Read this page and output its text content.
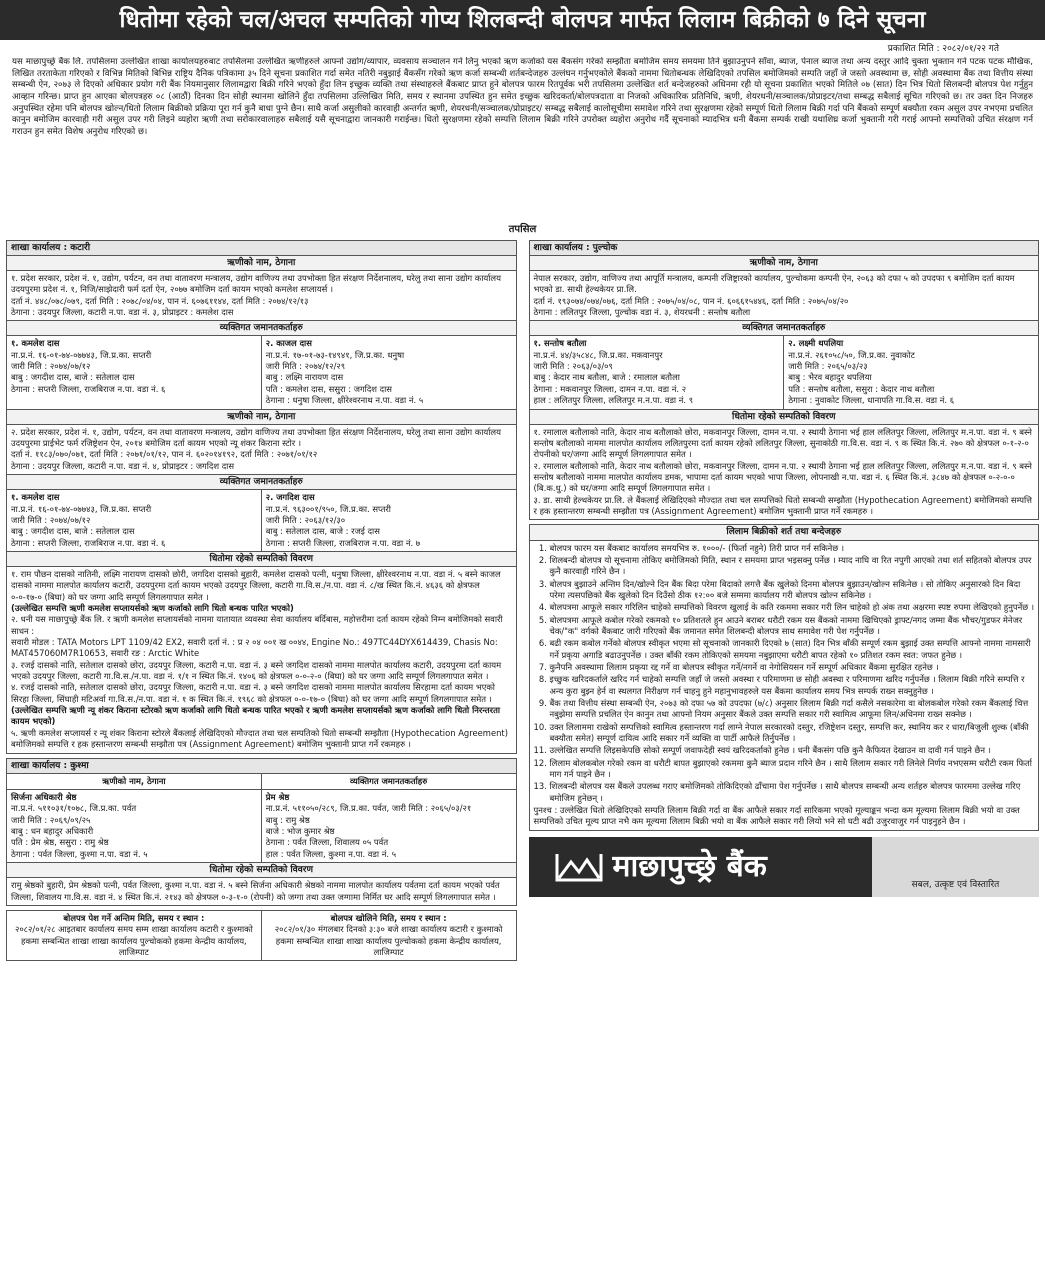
धितोमा रहेको चल/अचल सम्पतिको गोप्य शिलबन्दी बोलपत्र मार्फत लिलाम बिक्रीको ७ दिने सूचना
प्रकाशित मिति : २०८२/०१/२२ गते
यस माछापुच्छ्रे बैंक लि. तपसिलमा उल्लेखित शाखा कार्यालयहरुबाट तपसिलमा उल्लेखित ऋणीहरुले आफ्नो उद्योग/व्यापार, व्यवसाय सञ्चालन गर्न लिनु भएको ऋण कर्जाको यस बैंकसंग गरेको सम्झौता बमोजिम समय समयमा तिर्न बुझाउनुपर्ने साँवा, ब्याज, पेनाल ब्याज तथा अन्य दस्तुर आदि चुक्ता भुक्तान गर्न पटक पटक मौखिक, लिखित तरताकेता गरिएको र विभिन्न मितिको बिभिन्न राष्ट्रिय दैनिक पत्रिकामा ३५ दिने सूचना प्रकाशित गर्दा समेत नतिरी नबुझाई बैंकसँग गरेको ऋण कर्जा सम्बन्धी शर्तबन्देजहरु उल्लंघन गर्नुभएकोले बैंकको नाममा धितोबन्धक लेखिदिएको तपसिल बमोजिमको सम्पति जहाँ जे जस्तो अवस्थामा छ, सोही अवस्थामा बैंक तथा वित्तीय संस्था सम्बन्धी ऐन, २०७३ ले दिएको अधिकार प्रयोग गरी बैंक नियमानुसार लिलामद्वारा बिक्री गरिने भएको हुँदा लिन इच्छुक व्यक्ति तथा संस्थाहरुले बैंकबाट प्राप्त हुने बोलपत्र फारम रितपूर्वक भरी तपसिलमा उल्लेखित शर्त बन्देजहरुको अधिनमा रही यो सूचना प्रकाशित भएको मितिले ०७ (सात) दिन भित्र धितो सिलबन्दी बोलपत्र पेश गर्नुहुन आव्हान गरिन्छ। प्राप्त हुन आएका बोलपत्रहरु ०८ (आठौं) दिनका दिन सोही स्थानमा खोलिने हुँदा तपसिलमा उल्लिखित मिति, समय र स्थानमा उपस्थित हुन समेत इच्छुक खरिदकर्ता/बोलपत्रदाता वा निजको अधिकारिक प्रतिनिधि, ऋणी, शेयरधनी/सञ्चालक/प्रोप्राइटर/तथा सम्बद्ध सबैलाई सूचित गरिएको छ। तर उक्त दिन निजहरु अनुपस्थित रहेमा पनि बोलपत्र खोल्न/धितो लिलाम बिक्रीको प्रक्रिया पूरा गर्न कुनै बाधा पुग्ने छैन। साथै कर्जा असुलीको कारवाही अन्तर्गत ऋणी, शेयरधनी/सञ्चालक/प्रोप्राइटर/ सम्बद्ध सबैलाई कालोसूचीमा समावेश गरिने तथा सुरक्षणमा रहेको सम्पूर्ण धितो लिलाम बिक्री गर्दा पनि बैंकको सम्पूर्ण बक्यौता रकम असुल उपर नभएमा प्रचलित कानुन बमोजिम कारवाही गरी असुल उपर गरी लिइने व्यहोरा ऋणी तथा सरोकारवालाहरु सबैलाई यसै सूचनाद्वारा जानकारी गराईन्छ। धितो सुरक्षणमा रहेको सम्पत्ति लिलाम बिक्री गरिने उपरोक्त व्यहोरा अनुरोध गर्दै सूचनाको म्यादभित्र धनी बैंकमा सम्पर्क राखी यथाशिघ्र कर्जा भुक्तानी गरी गराई आफ्नो सम्पत्तिको उचित संरक्षण गर्न गराउन हुन समेत विशेष अनुरोध गरिएको छ।
तपसिल
शाखा कार्यालय : कटारी
ऋणीको नाम, ठेगाना

१. प्रदेश सरकार, प्रदेश नं. १, उद्योग, पर्यटन, वन तथा वातावरण मन्त्रालय, उद्योग वाणिज्य तथा उपभोक्ता हित संरक्षण निर्देशनालय, घरेलु तथा साना उद्योग कार्यालय उदयपुरमा प्रदेश नं. १, निजि/साझेदारी फर्म दर्ता ऐन, २०७७ बमोजिम दर्ता कायम भएको कमलेश सप्लायर्स ।

दर्ता नं. ४४८/०७८/०७९, दर्ता मिति : २०७८/०४/०४, पान नं. ६०७६११४४, दर्ता मिति : २०७४/१२/१३

ठेगाना : उदयपुर जिल्ला, कटारी न.पा. वडा नं. ३, प्रोप्राइटर : कमलेश दास

व्यक्तिगत जमानतकर्ताहरु
१. कमलेश दास
ना.प्र.नं. १६-०१-७४-०७७४३, जि.प्र.का. सप्तरी
जारी मिति : २०७४/०७/१२
बाबु : जगदीश दास, बाजे : सतेलाल दास
ठेगाना : सप्तरी जिल्ला, राजबिराज न.पा. वडा नं. ६
२. काजल दास
ना.प्र.नं. १७-०१-७३-१४९४१, जि.प्र.का. धनुषा
जारी मिति : २०७४/१२/२९
बाबु : लक्ष्मि नारायण दास
पति : कमलेश दास, ससुरा : जगदिश दास
ठेगाना : धनुषा जिल्ला, क्षीरेश्वरनाथ न.पा. वडा नं. ५
ऋणीको नाम, ठेगाना

२. प्रदेश सरकार, प्रदेश नं. १, उद्योग, पर्यटन, वन तथा वातावरण मन्त्रालय, उद्योग वाणिज्य तथा उपभोक्ता हित संरक्षण निर्देशनालय, घरेलु तथा साना उद्योग कार्यालय उदयपुरमा प्राईभेट फर्म रजिष्ट्रेशन ऐन, २०१४ बमोजिम दर्ता कायम भएको न्यू शंकर किराना स्टोर ।

दर्ता नं. ११८३/०७०/०७१, दर्ता मिति : २०७१/०१/१२, पान नं. ६०२०१४१९२, दर्ता मिति : २०७१/०१/१२

ठेगाना : उदयपुर जिल्ला, कटारी न.पा. वडा नं. ४, प्रोप्राइटर : जगदिश दास

व्यक्तिगत जमानतकर्ताहरु
१. कमलेश दास
ना.प्र.नं. १६-०१-७४-०७७४३, जि.प्र.का. सप्तरी
जारी मिति : २०७४/०७/१२
बाबु : जगदीश दास, बाजे : सतेलाल दास
ठेगाना : सप्तरी जिल्ला, राजबिराज न.पा. वडा नं. ६
२. जगदिश दास
ना.प्र.नं. ९६३००१/९५०, जि.प्र.का. सप्तरी
जारी मिति : २०६३/१२/३०
बाबु : सतेलाल दास, बाजे : रजई दास
ठेगाना : सप्तरी जिल्ला, राजबिराज न.पा. वडा नं. ७
धितोमा रहेको सम्पतिको विवरण

१. राम पौछन दासको नातिनी, लक्ष्मि नारायण दासको छोरी, जगदिश दासको बुहारी, कमलेश दासको पत्नी, धनुषा जिल्ला, क्षीरेश्वरनाथ न.पा. वडा नं. ५ बस्ने काजल दासको नाममा मालपोत कार्यालय कटारी, उदयपुरमा दर्ता कायम भएको उदयपुर जिल्ला, कटारी गा.वि.स./न.पा. वडा नं. ८/ख स्थित कि.नं. ४६३६ को क्षेत्रफल ०-०-१७-० (बिघा) को घर जग्गा आदि सम्पूर्ण लिगलगापात समेत ।

(उल्लेखित सम्पत्ति ऋणी कमलेश सप्लायर्सको ऋण कर्जाको लागि धितो बन्धक पारित भएको)

२. धनी यस माछापुच्छ्रे बैंक लि. र ऋणी कमलेश सप्लायर्सको नाममा यातायात व्यवस्था सेवा कार्यालय बर्दिबास, महोत्तरीमा दर्ता कायम रहेको निम्न बमोजिमको सवारी साधन :

सवारी मोडल : TATA Motors LPT 1109/42 EX2, सवारी दर्ता नं. : प्र २ ०४ ००१ ख ००४४, Engine No.: 497TC44DYX614439, Chasis No: MAT457060M7R10653, सवारी रङ : Arctic White

३. रजई दासको नाति, सतेलाल दासको छोरा, उदयपुर जिल्ला, कटारी न.पा. वडा नं. ३ बस्ने जगदिश दासको नाममा मालपोत कार्यालय कटारी, उदयपुरमा दर्ता कायम भएको उदयपुर जिल्ला, कटारी गा.वि.स./न.पा. वडा नं. १/१ न स्थित कि.नं. १४०६ को क्षेत्रफल ०-०-२-० (बिघा) को घर जग्गा आदि सम्पूर्ण लिगलगापात समेत ।

४. रजई दासको नाति, सतेलाल दासको छोरा, उदयपुर जिल्ला, कटारी न.पा. वडा नं. ३ बस्ने जगदिश दासको नाममा मालपोत कार्यालय सिरहामा दर्ता कायम भएको सिरहा जिल्ला, सिंघाही मटिअर्वा गा.वि.स./न.पा. वडा नं. १ क स्थित कि.नं. १९६८ को क्षेत्रफल ०-०-१७-० (बिघा) को घर जग्गा आदि सम्पूर्ण लिगलगापात समेत ।

(उल्लेखित सम्पत्ति ऋणी न्यू शंकर किराना स्टोरको ऋण कर्जाको लागि धितो बन्धक पारित भएको र ऋणी कमलेश सप्लायर्सको ऋण कर्जाको लागि धितो निरन्तरता कायम भएको)

५. ऋणी कमलेश सप्लायर्स र न्यू शंकर किराना स्टोरले बैंकलाई लेखिदिएको मौज्दात तथा चल सम्पतिको धितो सम्बन्धी सम्झौता (Hypothecation Agreement) बमोजिमको सम्पत्ति र हक हस्तान्तरण सम्बन्धी सम्झौता पत्र (Assignment Agreement) बमोजिम भुक्तानी प्राप्त गर्ने रकमहरु ।

शाखा कार्यालय : कुश्मा
ऋणीको नाम, ठेगाना	व्यक्तिगत जमानतकर्ताहरु
सिर्जना अधिकारी श्रेष्ठ
ना.प्र.नं. ५११०३१/१०७८, जि.प्र.का. पर्वत
जारी मिति : २०६९/०९/२५
बाबु : धन बहादुर अधिकारी
पति : प्रेम श्रेष्ठ, ससुरा : रामु श्रेष्ठ
ठेगाना : पर्वत जिल्ला, कुश्मा न.पा. वडा नं. ५
प्रेम श्रेष्ठ
ना.प्र.नं. ५११०५०/२८९, जि.प्र.का. पर्वत, जारी मिति : २०६५/०३/२१
बाबु : रामु श्रेष्ठ
बाजे : भोज कुमार श्रेष्ठ
ठेगाना : पर्वत जिल्ला, शिवालय ०५ पर्वत
हाल : पर्वत जिल्ला, कुश्मा न.पा. वडा नं. ५
धितोमा रहेको सम्पतिको विवरण
रामु श्रेष्ठको बुहारी, प्रेम श्रेष्ठको पत्नी, पर्वत जिल्ला, कुश्मा न.पा. वडा नं. ५ बस्ने सिर्जना अधिकारी श्रेष्ठको नाममा मालपोत कार्यालय पर्वतमा दर्ता कायम भएको पर्वत जिल्ला, शिवालय गा.वि.स. वडा नं. ४ स्थित कि.नं. २१४३ को क्षेत्रफल ०-३-१-० (रोपनी) को जग्गा तथा उक्त जग्गामा निर्मित घर आदि सम्पूर्ण लिगलगापात समेत ।
बोलपत्र पेश गर्ने अन्तिम मिति, समय र स्थान :
२०८२/०१/२८ आइतबार कार्यालय समय सम्म शाखा कार्यालय कटारी र कुश्माको हकमा सम्बन्धित शाखा शाखा कार्यालय पुल्चोकको हकमा केन्द्रीय कार्यालय, लाजिम्पाट
बोलपत्र खोलिने मिति, समय र स्थान :
२०८२/०१/३० मंगलबार दिनको ३:३० बजे शाखा कार्यालय कटारी र कुश्माको हकमा सम्बन्धित शाखा शाखा कार्यालय पुल्चोकको हकमा केन्द्रीय कार्यालय, लाजिम्पाट
शाखा कार्यालय : पुल्चोक
ऋणीको नाम, ठेगाना

नेपाल सरकार, उद्योग, वाणिज्य तथा आपूर्ति मन्त्रालय, कम्पनी रजिष्ट्रारको कार्यालय, पुल्चोकमा कम्पनी ऐन, २०६३ को दफा ५ को उपदफा ९ बमोजिम दर्ता कायम भएको डा. साथी हेल्थकेयर प्रा.लि.

दर्ता नं. १९३०७४/०७४/०७६, दर्ता मिति : २०७५/०४/०८, पान नं. ६०६६१५४४६, दर्ता मिति : २०७५/०४/२०

ठेगाना : ललितपुर जिल्ला, पुल्चोक वडा नं. ३, शेयरधनी : सन्तोष बतौला

व्यक्तिगत जमानतकर्ताहरु
१. सन्तोष बतौला
ना.प्र.नं. ४४/३५८४८, जि.प्र.का. मकवानपुर
जारी मिति : २०६३/०३/०९
बाबु : केदार नाथ बतौला, बाजे : रमालाल बतौला
ठेगाना : मकवानपुर जिल्ला, दामन न.पा. वडा नं. २
हाल : ललितपुर जिल्ला, ललितपुर म.न.पा. वडा नं. ९
२. लक्ष्मी थपलिया
ना.प्र.नं. २६१०५८/५०, जि.प्र.का. नुवाकोट
जारी मिति : २०६५/०३/२३
बाबु : भैरव बहादुर थपलिया
पति : सन्तोष बतौला, ससुरा : केदार नाथ बतौला
ठेगाना : नुवाकोट जिल्ला, धानापति गा.वि.स. वडा नं. ६
धितोमा रहेको सम्पतिको विवरण

१. रमालाल बतौलाको नाति, केदार नाथ बतौलाको छोरा, मकवानपुर जिल्ला, दामन न.पा. २ स्थायी ठेगाना भई हाल ललितपुर जिल्ला, ललितपुर म.न.पा. वडा नं. ९ बस्ने सन्तोष बतौलाको नाममा मालपोत कार्यालय ललितपुरमा दर्ता कायम रहेको ललितपुर जिल्ला, सुनाकोठी गा.वि.स. वडा नं. ९ क स्थित कि.नं. २७० को क्षेत्रफल ०-१-२-० रोपनीको घर/जग्गा आदि सम्पूर्ण लिगलगापात समेत ।

२. रमालाल बतौलाको नाति, केदार नाथ बतौलाको छोरा, मकवानपुर जिल्ला, दामन न.पा. २ स्थायी ठेगाना भई हाल ललितपुर जिल्ला, ललितपुर म.न.पा. वडा नं. ९ बस्ने सन्तोष बतौलाको नाममा मालपोत कार्यालय डमक, भापामा दर्ता कायम भएको भापा जिल्ला, लोपनाखी न.पा. वडा नं. ६ स्थित कि.नं. ३८४७ को क्षेत्रफल ०-२-०-० (बि.क.धु.) को घर/जग्गा आदि सम्पूर्ण लिगलगापात समेत ।

३. डा. साथी हेल्थकेयर प्रा.लि. ले बैंकलाई लेखिदिएको मौज्दात तथा चल सम्पत्तिको धितो सम्बन्धी सम्झौता (Hypothecation Agreement) बमोजिमको सम्पत्ति र हक हस्तान्तरण सम्बन्धी सम्झौता पत्र (Assignment Agreement) बमोजिम भुक्तानी प्राप्त गर्ने रकमहरु ।

लिलाम बिक्रीको शर्त तथा बन्देजहरु
1. बोलपत्र फारम यस बैंकबाट कार्यालय समयभित्र रु. १०००/- (फिर्ता नहुने) तिरी प्राप्त गर्न सकिनेछ ।
2. शिलबन्दी बोलपत्र यो सूचनामा तोकिए बमोजिमको मिति, स्थान र समयमा प्राप्त भइसक्नु पर्नेछ । म्याद नाघि वा रित नपुगी आएको तथा शर्त सहितको बोलपत्र उपर कुनै कारवाही गरिने छैन ।
3. बोलपत्र बुझाउने अन्तिम दिन/खोल्ने दिन बैंक बिदा परेमा बिदाको लगत्तै बैंक खुलेको दिनमा बोलपत्र बुझाउन/खोल्न सकिनेछ । सो तोकिए अनुसारको दिन बिदा परेमा त्यसपछिको बैंक खुलेको दिन दिउँसो ठीक १२:०० बजे सम्ममा कार्यालय गरी बोलपत्र खोल्न सकिनेछ ।
4. बोलपत्रमा आफूले सकार गरिलिन चाहेको सम्पत्तिको विवरण खुलाई के कति रकममा सकार गरी लिन चाहेको हो अंक तथा अक्षरमा स्पष्ट रुपमा लेखिएको हुनुपर्नेछ ।
5. बोलपत्रमा आफूले कबोल गरेको रकमको १० प्रतिशतले हुन आउने बराबर धरौटी रकम यस बैंकको नाममा खिचिएको ड्राफ्ट/नगद जम्मा बैंक भौचर/गुडफर मेनेजर चेक/"क" वर्गको बैंकबाट जारी गरिएको बैंक जमानत समेत शिलबन्दी बोलपत्र साथ समावेश गरी पेश गर्नुपर्नेछ ।
6. बढी रकम कबोल गर्नेको बोलपत्र स्वीकृत भएमा सो सूचनाको जानकारी दिएको ७ (सात) दिन भित्र बाँकी सम्पूर्ण रकम बुझाई उक्त सम्पत्ति आफ्नो नाममा नामसारी गर्ने प्रकृया अगाडि बढाउनुपर्नेछ । उक्त बाँकी रकम तोकिएको समयमा नबुझाएमा धरौटी बापत रहेको १० प्रतिशत रकम स्वत: जफत हुनेछ ।
7. कुनैपनि अवस्थामा लिलाम प्रकृया रद्द गर्ने वा बोलपत्र स्वीकृत गर्ने/नगर्ने वा नेगोसियसन गर्ने सम्पूर्ण अधिकार बैंकमा सुरक्षित रहनेछ ।
8. इच्छुक खरिदकर्ताले खरिद गर्न चाहेको सम्पत्ति जहाँ जे जस्तो अवस्था र परिमाणमा छ सोही अवस्था र परिमाणमा खरिद गर्नुपर्नेछ । लिलाम बिक्री गरिने सम्पत्ति र अन्य कुरा बुझ्न हेर्न वा स्थलगत निरीक्षण गर्न चाहनु हुने महानुभावहरुले यस बैंकमा कार्यालय समय भित्र सम्पर्क राख्न सक्नुहुनेछ ।
9. बैंक तथा वित्तीय संस्था सम्बन्धी ऐन, २०७३ को दफा ५७ को उपदफा (७/८) अनुसार लिलाम बिक्री गर्दा कसैले नसकारेमा वा बोलकबोल गरेको रकम बैंकलाई चित्त नबुझेमा सम्पत्ति प्रचलित ऐन कानुन तथा आफ्नो नियम अनुसार बैंकले उक्त सम्पत्ति सकार गरी स्वामित्व आफूमा लिन/अधिनमा राख्न सक्नेछ ।
10. उक्त लिलाममा राखेको सम्पत्तिको स्वामित्व हस्तान्तरण गर्दा लाग्ने नेपाल सरकारको दस्तुर, रजिष्ट्रेशन दस्तुर, सम्पत्ति कर, स्थानिय कर र धारा/बिजुली शुल्क (बाँकी बक्यौता समेत) सम्पूर्ण दायित्व आदि सकार गर्ने व्यक्ति वा पार्टी आफैले तिर्नुपर्नेछ ।
11. उल्लेखित सम्पत्ति लिइसकेपछि सोको सम्पूर्ण जवाफदेही स्वयं खरिदकर्ताको हुनेछ । धनी बैंकसंग पछि कुनै कैफियत देखाउन वा दावी गर्न पाइने छैन ।
12. लिलाम बोलकबोल गरेको रकम वा धरौटी बापत बुझाएको रकममा कुनै ब्याज प्रदान गरिने छैन । साथै लिलाम सकार गरी लिनेले निर्णय नभएसम्म धरौटी रकम फिर्ता माग गर्न पाइने छैन ।
13. शिलबन्दी बोलपत्र यस बैंकले उपलब्ध गराए बमोजिमको तोकिदिएको ढाँचामा पेश गर्नुपर्नेछ । साथै बोलपत्र सम्बन्धी अन्य शर्तहरु बोलपत्र फारममा उल्लेख गरिए बमोजिम हुनेछन् ।

पुनश्च : उल्लेखित धितो लेखिदिएको सम्पति लिलाम बिक्री गर्दा वा बैंक आफैले सकार गर्दा सारिकमा भएको मूल्याङ्कन भन्दा कम मूल्यमा लिलाम बिक्री भयो वा उक्त सम्पत्तिको उचित मूल्य प्राप्त नभै कम मूल्यमा लिलाम बिक्री भयो वा बैंक आफैले सकार गरी लियो भने सो घटी बढी उजुरवाजुर गर्न पाइनुहने छैन ।

माछापुच्छ्रे बैंक
सबल, उत्कृष्ट एवं विस्तारित
